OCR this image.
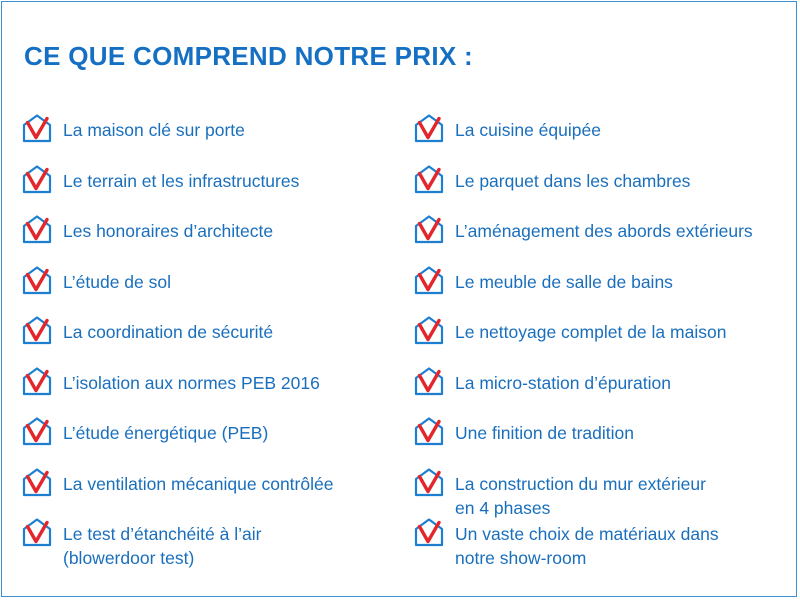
CE QUE COMPREND NOTRE PRIX :
La maison clé sur porte
Le terrain et les infrastructures
Les honoraires d’architecte
L’étude de sol
La coordination de sécurité
L’isolation aux normes PEB 2016
L’étude énergétique (PEB)
La ventilation mécanique contrôlée
Le test d’étanchéité à l’air
(blowerdoor test)
La cuisine équipée
Le parquet dans les chambres
L’aménagement des abords extérieurs
Le meuble de salle de bains
Le nettoyage complet de la maison
La micro-station d’épuration
Une finition de tradition
La construction du mur extérieur
en 4 phases
Un vaste choix de matériaux dans
notre show-room
